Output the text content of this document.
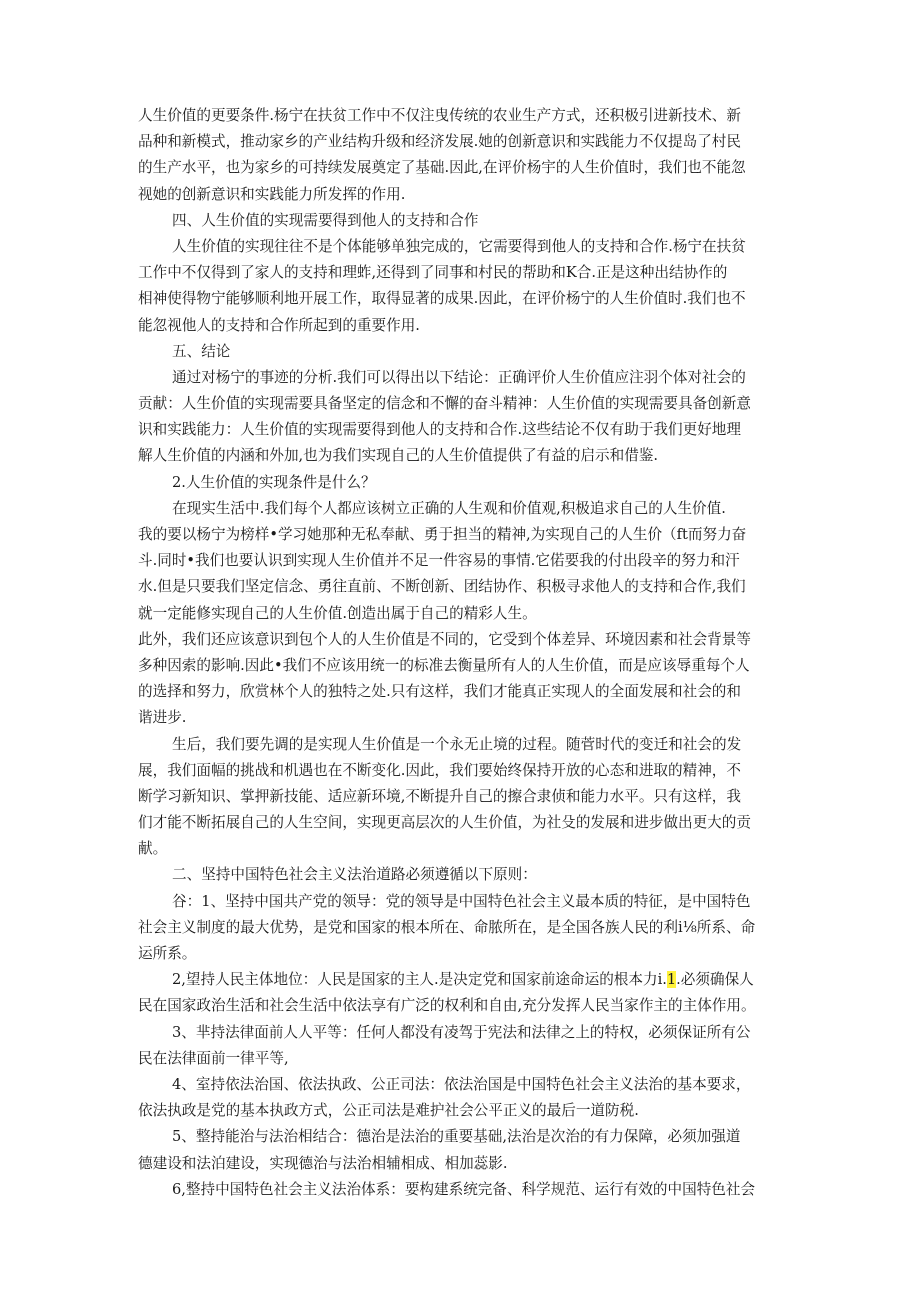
人生价值的更要条件.杨宁在扶贫工作中不仅注曳传统的农业生产方式，还积极引进新技术、新
品种和新模式，推动家乡的产业结构升级和经济发展.她的创新意识和实践能力不仅提岛了村民
的生产水平，也为家乡的可持续发展奠定了基础.因此,在评价杨宇的人生价值时，我们也不能忽
视她的创新意识和实践能力所发挥的作用.
四、人生价值的实现需要得到他人的支持和合作
人生价值的实现往往不是个体能够单独完成的，它需要得到他人的支持和合作.杨宁在扶贫
工作中不仅得到了家人的支持和理蚱,还得到了同事和村民的帮助和K合.正是这种出结协作的
相神使得物宁能够顺利地开展工作，取得显著的成果.因此，在评价杨宁的人生价值时.我们也不
能忽视他人的支持和合作所起到的重要作用.
五、结论
通过对杨宁的事迹的分析.我们可以得出以下结论：正确评价人生价值应注羽个体对社会的
贡献：人生价值的实现需要具备坚定的信念和不懈的奋斗精神：人生价值的实现需要具备创新意
识和实践能力：人生价值的实现需要得到他人的支持和合作.这些结论不仅有助于我们更好地理
解人生价值的内涵和外加,也为我们实现自己的人生价值提供了有益的启示和借鉴.
2.人生价值的实现条件是什么？
在现实生活中.我们每个人都应该树立正确的人生观和价值观,积极追求自己的人生价值.
我的要以杨宁为榜样•学习她那种无私奉献、勇于担当的精神,为实现自己的人生价（ft而努力奋
斗.同时•我们也要认识到实现人生价值并不足一件容易的事情.它偌要我的付出段辛的努力和汗
水.但是只要我们坚定信念、勇往直前、不断创新、团结协作、积极寻求他人的支持和合作,我们
就一定能修实现自己的人生价值.创造出属于自己的精彩人生。
此外，我们还应该意识到包个人的人生价值是不同的，它受到个体差异、环境因素和社会背景等
多种因索的影响.因此•我们不应该用统一的标准去衡量所有人的人生价值，而是应该辱重每个人
的选择和努力，欣赏林个人的独特之处.只有这样，我们才能真正实现人的全面发展和社会的和
谐进步.
生后，我们要先调的是实现人生价值是一个永无止境的过程。随菅时代的变迁和社会的发
展，我们面幅的挑战和机遇也在不断变化.因此，我们要始终保持开放的心态和进取的精神，不
断学习新知识、掌押新技能、适应新环境,不断提升自己的擦合隶侦和能力水平。只有这样，我
们才能不断拓展自己的人生空间，实现更高层次的人生价值，为社殳的发展和进步做出更大的贡
献。
二、坚持中国特色社会主义法治道路必须遵循以下原则：
谷：1、坚持中国共产党的领导：党的领导是中国特色社会主义最本质的特征，是中国特色
社会主义制度的最大优势，是党和国家的根本所在、命脓所在，是全国各族人民的利i⅛所系、命
运所系。
2,望持人民主体地位：人民是国家的主人.是决定党和国家前途命运的根本力i.1.必须确保人
民在国家政治生活和社会生活中依法享有广泛的权利和自由,充分发挥人民当家作主的主体作用。
3、芈持法律面前人人平等：任何人都没有凌驾于宪法和法律之上的特权，必须保证所有公
民在法律面前一律平等,
4、室持依法治国、依法执政、公正司法：依法治国是中国特色社会主义法治的基本要求，
依法执政是党的基本执政方式，公正司法是难护社会公平正义的最后一道防税.
5、整持能治与法治相结合：德治是法治的重要基础,法治是次治的有力保障，必须加强道
德建设和法泊建设，实现德治与法治相辅相成、相加蕊影.
6,整持中国特色社会主义法治体系：要构建系统完备、科学规范、运行有效的中国特色社会
